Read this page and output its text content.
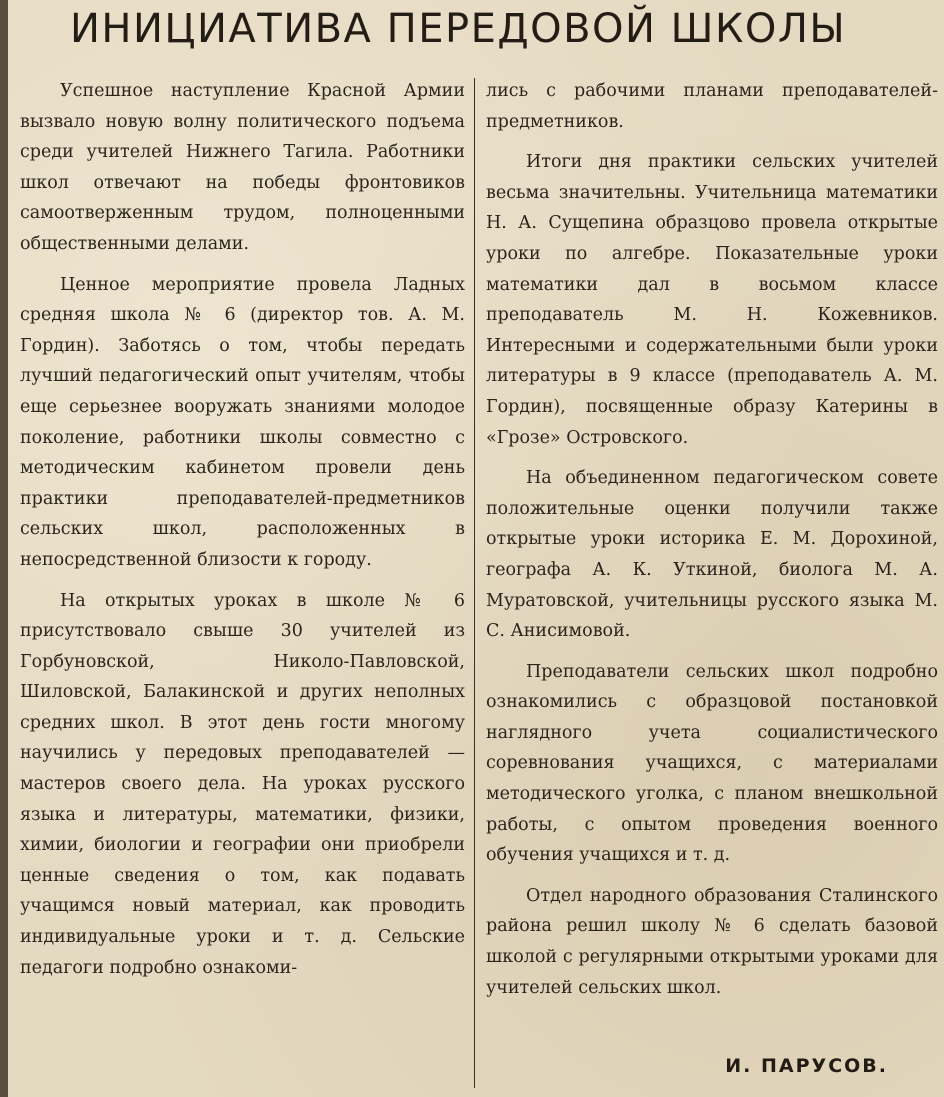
ИНИЦИАТИВА ПЕРЕДОВОЙ ШКОЛЫ

Успешное наступление Красной Армии вызвало новую волну политического подъема среди учителей Нижнего Тагила. Работники школ отвечают на победы фронтовиков самоотверженным трудом, полноценными общественными делами.

Ценное мероприятие провела Ладных средняя школа № 6 (директор тов. А. М. Гордин). Заботясь о том, чтобы передать лучший педагогический опыт учителям, чтобы еще серьезнее вооружать знаниями молодое поколение, работники школы совместно с методическим кабинетом провели день практики преподавателей-предметников сельских школ, расположенных в непосредственной близости к городу.

На открытых уроках в школе № 6 присутствовало свыше 30 учителей из Горбуновской, Николо-Павловской, Шиловской, Балакинской и других неполных средних школ. В этот день гости многому научились у передовых преподавателей — мастеров своего дела. На уроках русского языка и литературы, математики, физики, химии, биологии и географии они приобрели ценные сведения о том, как подавать учащимся новый материал, как проводить индивидуальные уроки и т. д. Сельские педагоги подробно ознакоми-

лись с рабочими планами преподавателей-предметников.

Итоги дня практики сельских учителей весьма значительны. Учительница математики Н. А. Сущепина образцово провела открытые уроки по алгебре. Показательные уроки математики дал в восьмом классе преподаватель М. Н. Кожевников. Интересными и содержательными были уроки литературы в 9 классе (преподаватель А. М. Гордин), посвященные образу Катерины в «Грозе» Островского.

На объединенном педагогическом совете положительные оценки получили также открытые уроки историка Е. М. Дорохиной, географа А. К. Уткиной, биолога М. А. Муратовской, учительницы русского языка М. С. Анисимовой.

Преподаватели сельских школ подробно ознакомились с образцовой постановкой наглядного учета социалистического соревнования учащихся, с материалами методического уголка, с планом внешкольной работы, с опытом проведения военного обучения учащихся и т. д.

Отдел народного образования Сталинского района решил школу № 6 сделать базовой школой с регулярными открытыми уроками для учителей сельских школ.

И. ПАРУСОВ.
